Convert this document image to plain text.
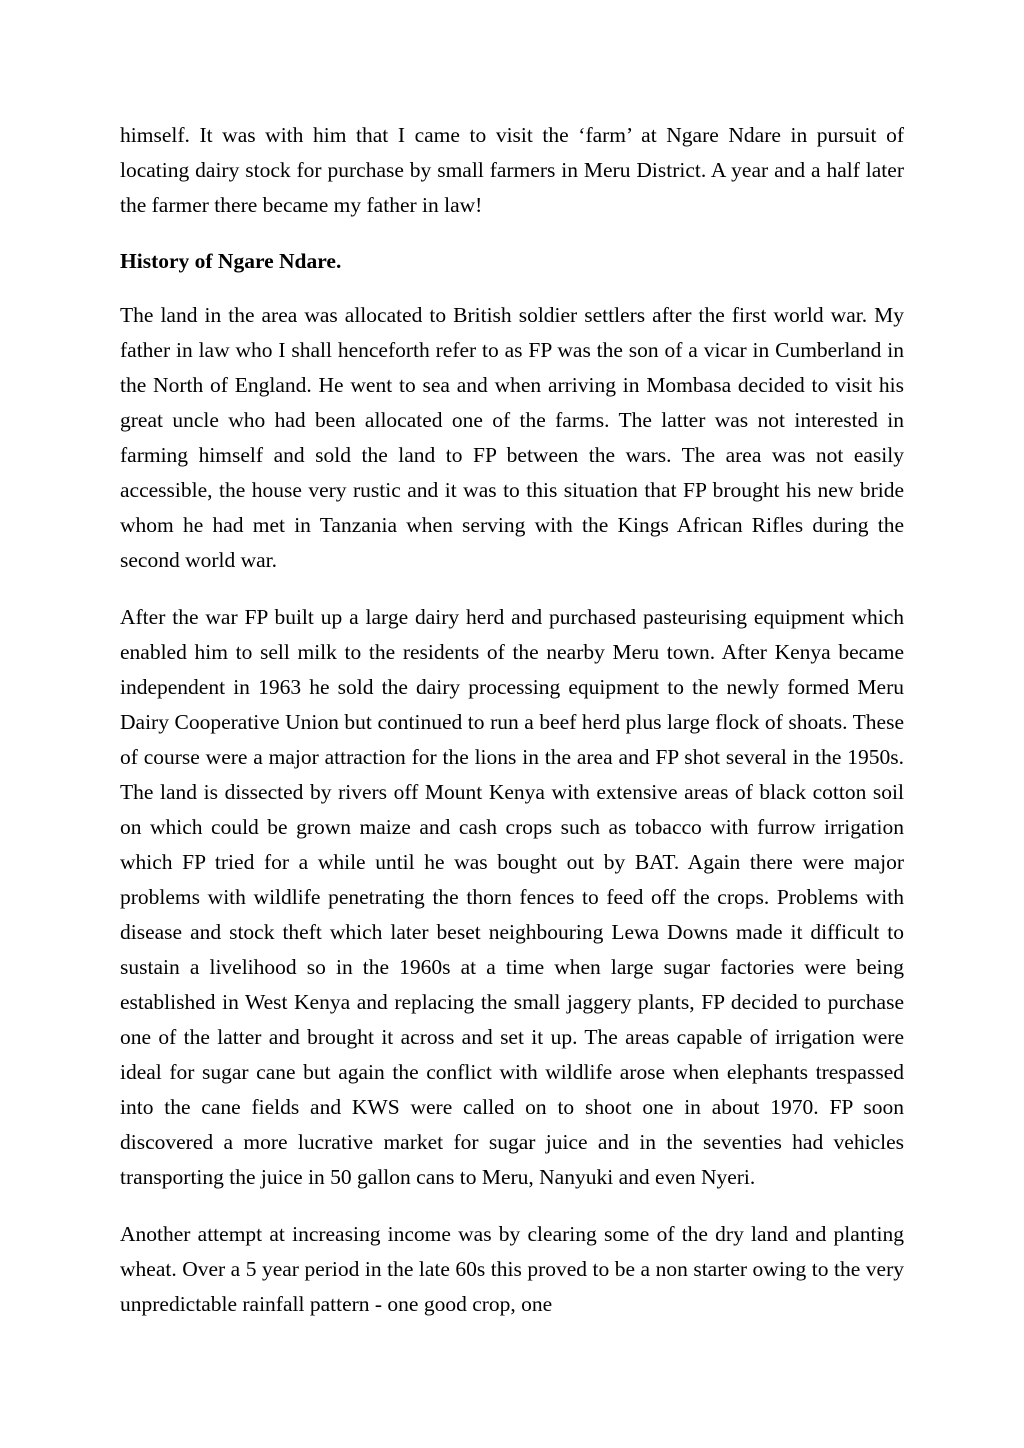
himself. It was with him that I came to visit the ‘farm’ at Ngare Ndare in pursuit of locating dairy stock for purchase by small farmers in Meru District. A year and a half later the farmer there became my father in law!

History of Ngare Ndare.

The land in the area was allocated to British soldier settlers after the first world war. My father in law who I shall henceforth refer to as FP was the son of a vicar in Cumberland in the North of England. He went to sea and when arriving in Mombasa decided to visit his great uncle who had been allocated one of the farms. The latter was not interested in farming himself and sold the land to FP between the wars. The area was not easily accessible, the house very rustic and it was to this situation that FP brought his new bride whom he had met in Tanzania when serving with the Kings African Rifles during the second world war.

After the war FP built up a large dairy herd and purchased pasteurising equipment which enabled him to sell milk to the residents of the nearby Meru town. After Kenya became independent in 1963 he sold the dairy processing equipment to the newly formed Meru Dairy Cooperative Union but continued to run a beef herd plus large flock of shoats. These of course were a major attraction for the lions in the area and FP shot several in the 1950s. The land is dissected by rivers off Mount Kenya with extensive areas of black cotton soil on which could be grown maize and cash crops such as tobacco with furrow irrigation which FP tried for a while until he was bought out by BAT. Again there were major problems with wildlife penetrating the thorn fences to feed off the crops. Problems with disease and stock theft which later beset neighbouring Lewa Downs made it difficult to sustain a livelihood so in the 1960s at a time when large sugar factories were being established in West Kenya and replacing the small jaggery plants, FP decided to purchase one of the latter and brought it across and set it up. The areas capable of irrigation were ideal for sugar cane but again the conflict with wildlife arose when elephants trespassed into the cane fields and KWS were called on to shoot one in about 1970. FP soon discovered a more lucrative market for sugar juice and in the seventies had vehicles transporting the juice in 50 gallon cans to Meru, Nanyuki and even Nyeri.

Another attempt at increasing income was by clearing some of the dry land and planting wheat. Over a 5 year period in the late 60s this proved to be a non starter owing to the very unpredictable rainfall pattern - one good crop, one
